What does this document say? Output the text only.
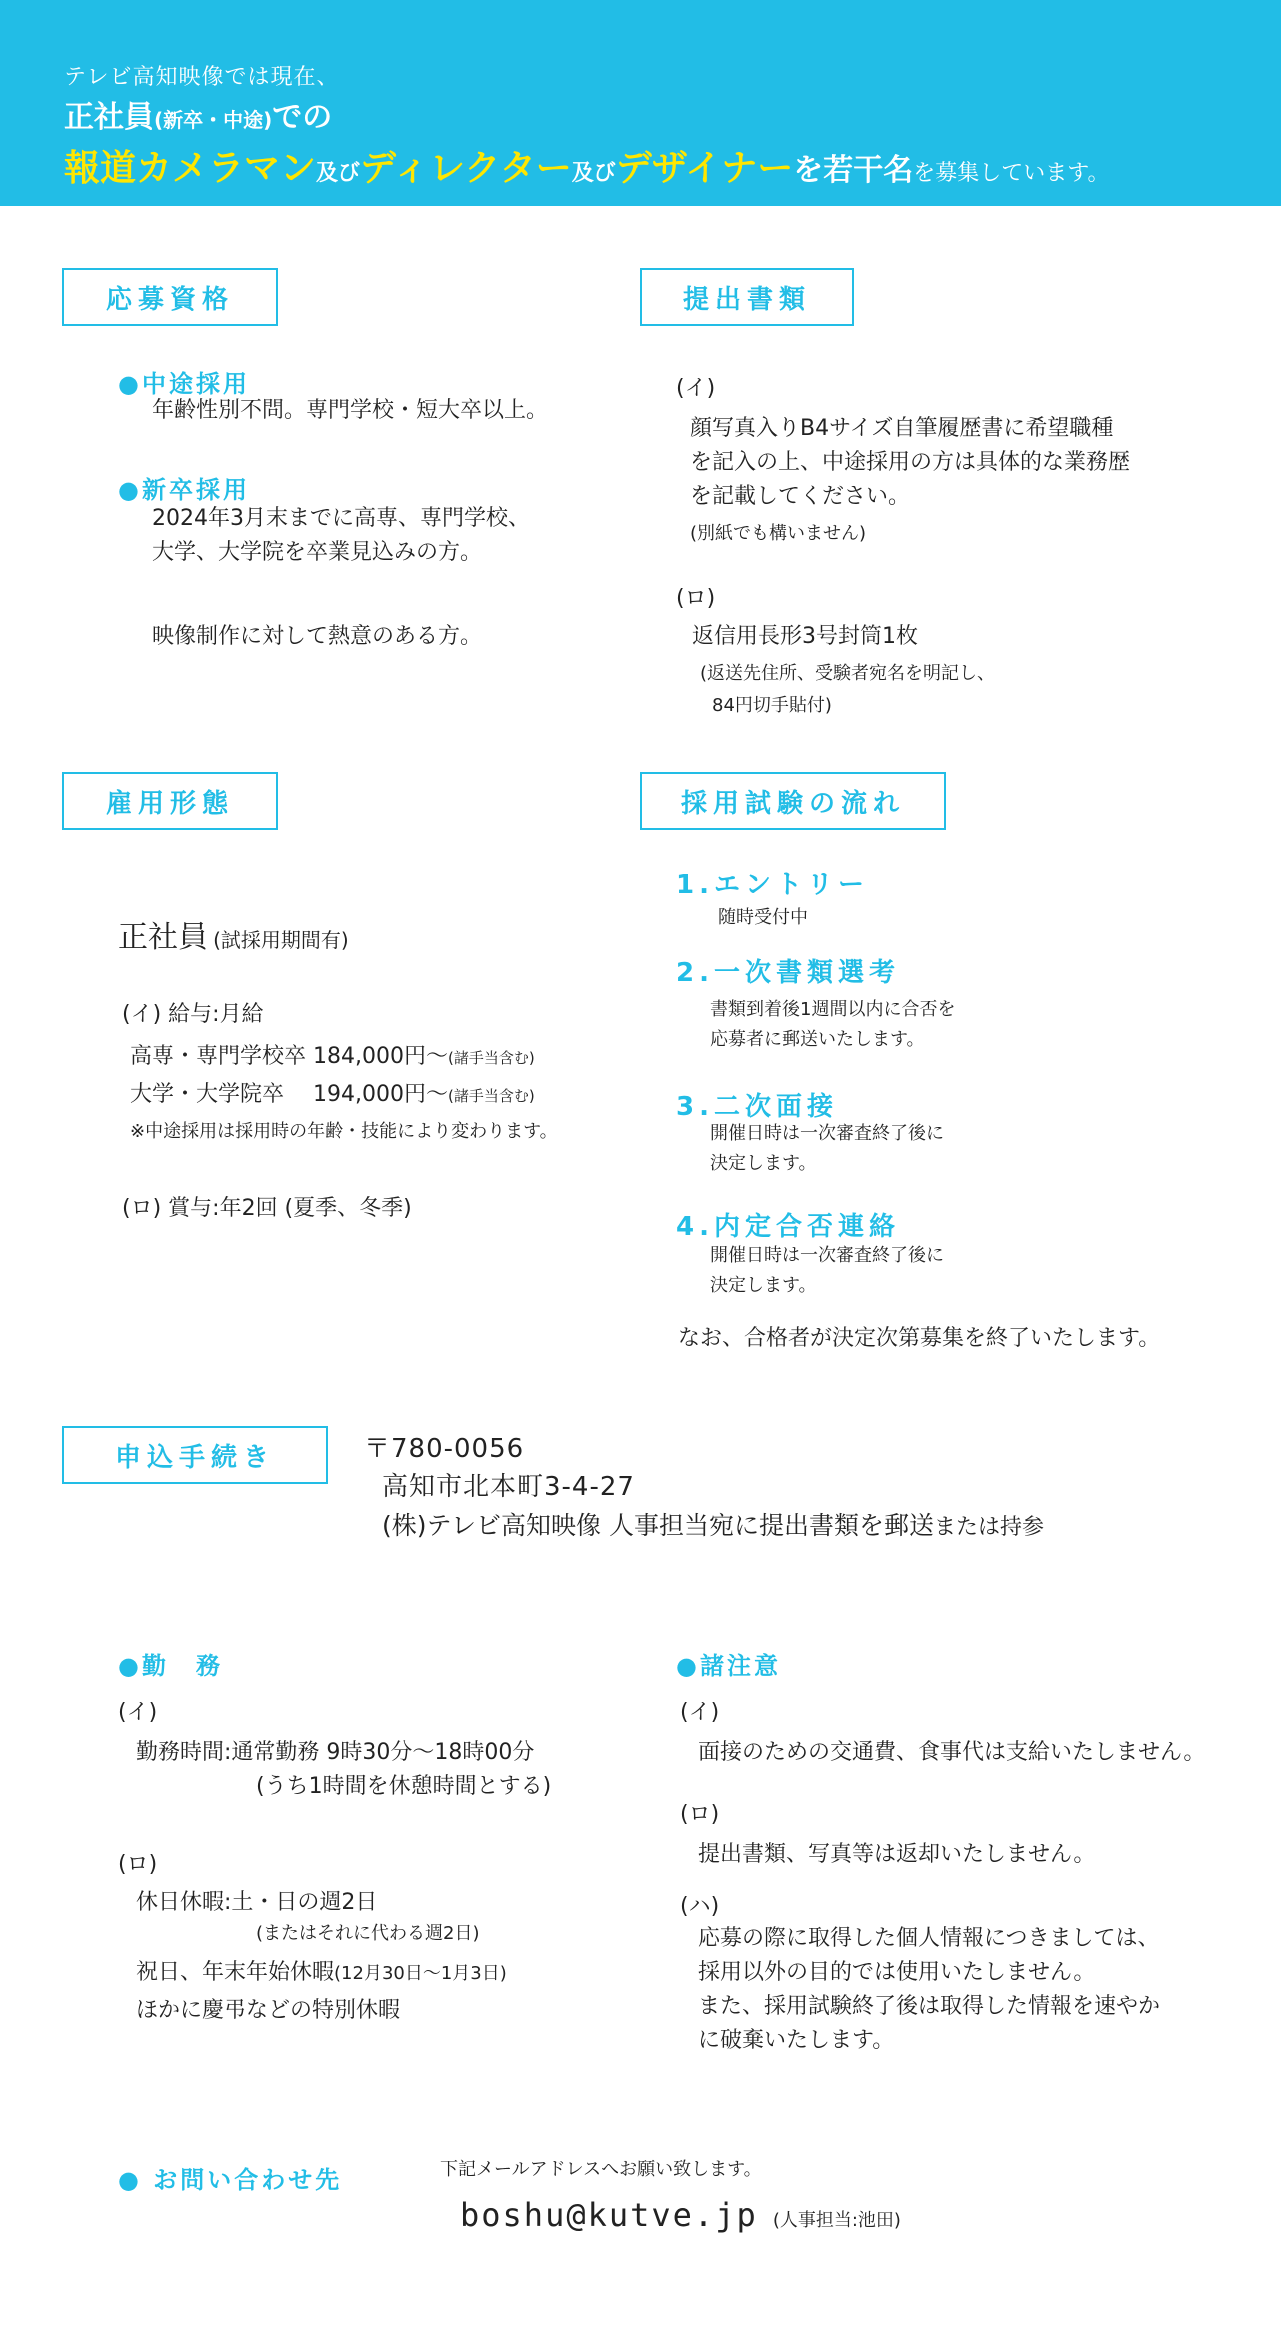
テレビ高知映像では現在、
正社員(新卒・中途)での
報道カメラマン及びディレクター及びデザイナーを若干名を募集しています。
応募資格
●中途採用
年齢性別不問。専門学校・短大卒以上。
●新卒採用
2024年3月末までに高専、専門学校、
大学、大学院を卒業見込みの方。
映像制作に対して熱意のある方。
提出書類
(イ)
顔写真入りB4サイズ自筆履歴書に希望職種
を記入の上、中途採用の方は具体的な業務歴
を記載してください。
(別紙でも構いません)
(ロ)
返信用長形3号封筒1枚
(返送先住所、受験者宛名を明記し、
84円切手貼付)
雇用形態
正社員 (試採用期間有)
(イ) 給与:月給
高専・専門学校卒 184,000円〜(諸手当含む)
大学・大学院卒　 194,000円〜(諸手当含む)
※中途採用は採用時の年齢・技能により変わります。
(ロ) 賞与:年2回 (夏季、冬季)
採用試験の流れ
1.エントリー
随時受付中
2.一次書類選考
書類到着後1週間以内に合否を
応募者に郵送いたします。
3.二次面接
開催日時は一次審査終了後に
決定します。
4.内定合否連絡
開催日時は一次審査終了後に
決定します。
なお、合格者が決定次第募集を終了いたします。
申込手続き	〒780-0056
高知市北本町3-4-27
(株)テレビ高知映像 人事担当宛に提出書類を郵送または持参
●勤　務
(イ)
勤務時間:通常勤務 9時30分〜18時00分
(うち1時間を休憩時間とする)
(ロ)
休日休暇:土・日の週2日
(またはそれに代わる週2日)
祝日、年末年始休暇(12月30日〜1月3日)
ほかに慶弔などの特別休暇
●諸注意
(イ)
面接のための交通費、食事代は支給いたしません。
(ロ)
提出書類、写真等は返却いたしません。
(ハ)
応募の際に取得した個人情報につきましては、
採用以外の目的では使用いたしません。
また、採用試験終了後は取得した情報を速やか
に破棄いたします。
● お問い合わせ先	下記メールアドレスへお願い致します。
boshu@kutve.jp (人事担当:池田)
